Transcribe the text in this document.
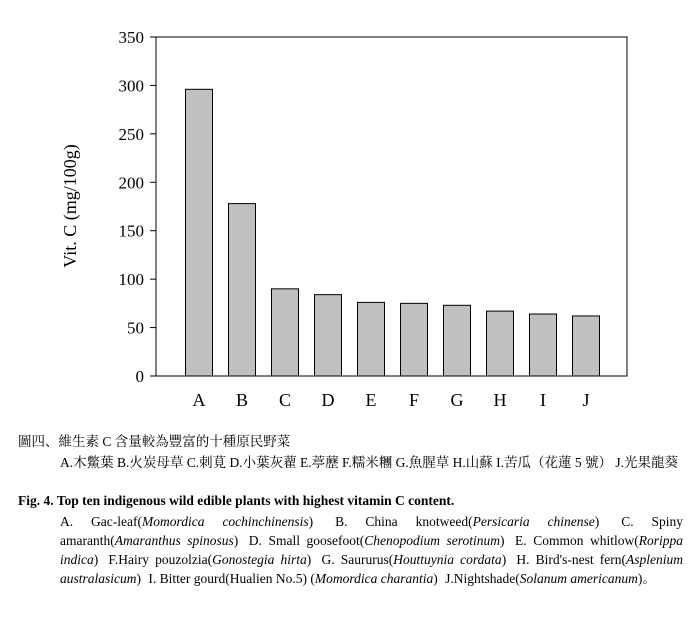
0
50
100
150
200
250
300
350
A B C D E F G H I J
Vit. C (mg/100g)
圖四、維生素 C 含量較為豐富的十種原民野菜
A.木鱉葉 B.火炭母草 C.刺莧 D.小葉灰藋 E.葶藶 F.糯米糰 G.魚腥草 H.山蘇 I.苦瓜（花蓮 5 號） J.光果龍葵
Fig. 4. Top ten indigenous wild edible plants with highest vitamin C content.
A. Gac-leaf(Momordica cochinchinensis) B. China knotweed(Persicaria chinense) C. Spiny amaranth(Amaranthus spinosus) D. Small goosefoot(Chenopodium serotinum) E. Common whitlow(Rorippa indica) F.Hairy pouzolzia(Gonostegia hirta) G. Saururus(Houttuynia cordata) H. Bird's-nest fern(Asplenium australasicum) I. Bitter gourd(Hualien No.5) (Momordica charantia) J.Nightshade(Solanum americanum)。
